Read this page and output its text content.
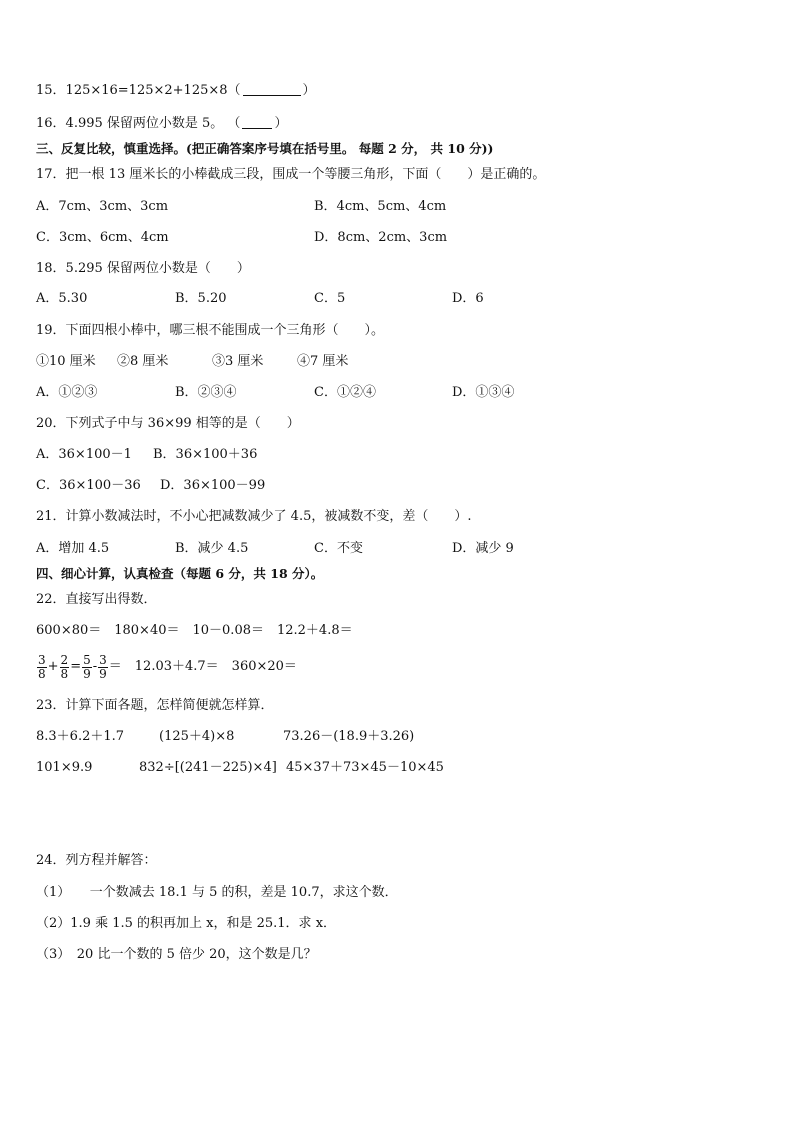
15．125×16=125×2+125×8（	）
16．4.995 保留两位小数是 5。 （	）
三、反复比较，慎重选择。(把正确答案序号填在括号里。 每题 2 分， 共 10 分))
17．把一根 13 厘米长的小棒截成三段，围成一个等腰三角形，下面（　　）是正确的。
A．7cm、3cm、3cm	B．4cm、5cm、4cm
C．3cm、6cm、4cm	D．8cm、2cm、3cm
18．5.295 保留两位小数是（　　）
A．5.30	B．5.20	C．5	D．6
19．下面四根小棒中，哪三根不能围成一个三角形（　　）。
①10 厘米 ②8 厘米	③3 厘米	④7 厘米
A．①②③	B．②③④	C．①②④	D．①③④
20．下列式子中与 36×99 相等的是（　　）
A．36×100－1 B．36×100＋36
C．36×100－36 D．36×100－99
21．计算小数减法时，不小心把减数减少了 4.5，被减数不变，差（　　）.
A．增加 4.5	B．减少 4.5	C．不变	D．减少 9
四、细心计算，认真检查（每题 6 分，共 18 分）。
22．直接写出得数．
600×80＝　180×40＝　10－0.08＝　12.2＋4.8＝
$\frac{3}{8} + \frac{2}{8} = \frac{5}{9} - \frac{3}{9}$ ＝　12.03＋4.7＝　360×20＝
23．计算下面各题，怎样简便就怎样算．
8.3＋6.2＋1.7	(125＋4)×8	73.26－(18.9＋3.26)
101×9.9	832÷[(241－225)×4] 45×37＋73×45－10×45
24．列方程并解答：
（1）　　一个数减去 18.1 与 5 的积，差是 10.7，求这个数．
（2）1.9 乘 1.5 的积再加上 x，和是 25.1．求 x．
（3）　20 比一个数的 5 倍少 20，这个数是几？
